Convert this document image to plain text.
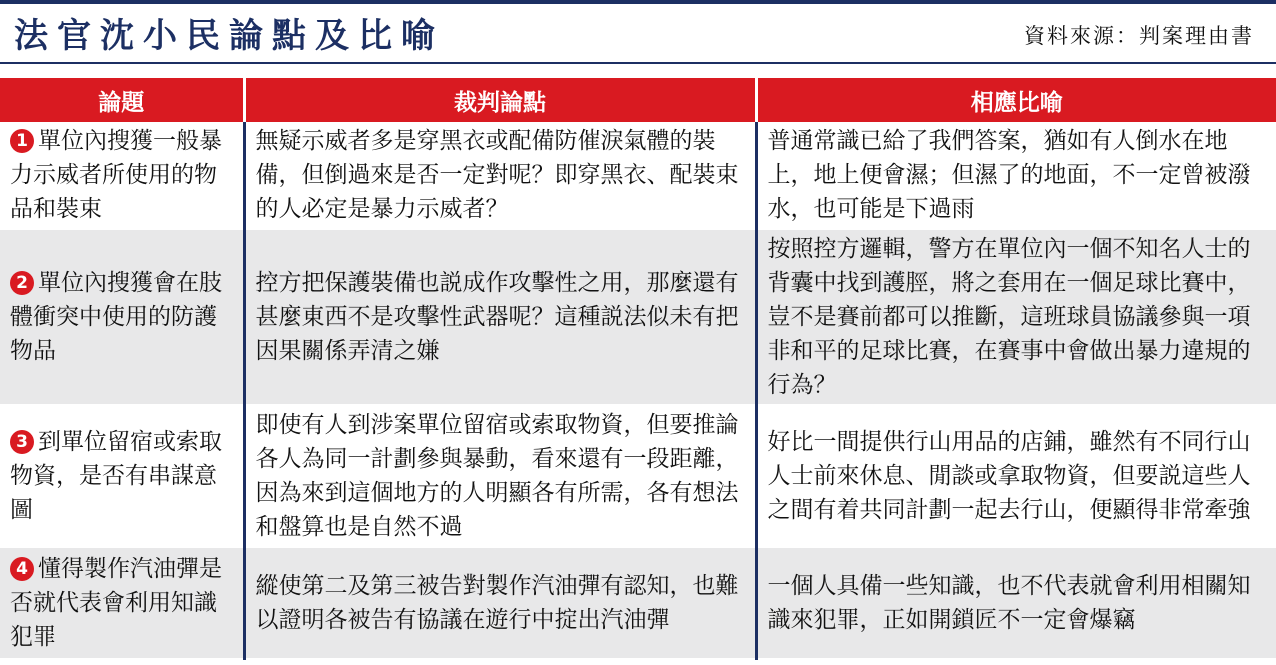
法官沈小民論點及比喻	資料來源：判案理由書
論題	裁判論點	相應比喻
1 單位內搜獲一般暴力示威者所使用的物品和裝束	無疑示威者多是穿黑衣或配備防催淚氣體的裝備，但倒過來是否一定對呢？即穿黑衣、配裝束的人必定是暴力示威者？	普通常識已給了我們答案，猶如有人倒水在地上，地上便會濕；但濕了的地面，不一定曾被潑水，也可能是下過雨
2 單位內搜獲會在肢體衝突中使用的防護物品	控方把保護裝備也説成作攻擊性之用，那麼還有甚麼東西不是攻擊性武器呢？這種説法似未有把因果關係弄清之嫌	按照控方邏輯，警方在單位內一個不知名人士的背囊中找到護脛，將之套用在一個足球比賽中，豈不是賽前都可以推斷，這班球員協議參與一項非和平的足球比賽，在賽事中會做出暴力違規的行為？
3 到單位留宿或索取物資，是否有串謀意圖	即使有人到涉案單位留宿或索取物資，但要推論各人為同一計劃參與暴動，看來還有一段距離，因為來到這個地方的人明顯各有所需，各有想法和盤算也是自然不過	好比一間提供行山用品的店鋪，雖然有不同行山人士前來休息、閒談或拿取物資，但要説這些人之間有着共同計劃一起去行山，便顯得非常牽強
4 懂得製作汽油彈是否就代表會利用知識犯罪	縱使第二及第三被告對製作汽油彈有認知，也難以證明各被告有協議在遊行中掟出汽油彈	一個人具備一些知識，也不代表就會利用相關知識來犯罪，正如開鎖匠不一定會爆竊
